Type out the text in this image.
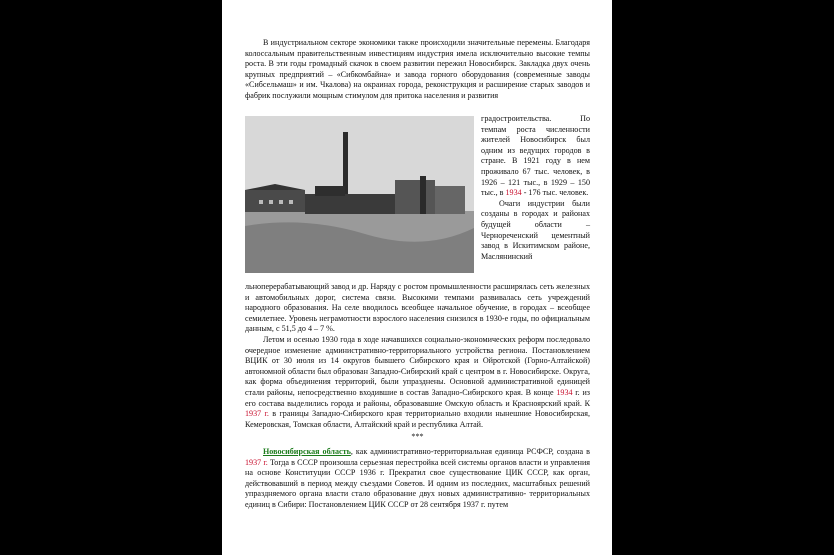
В индустриальном секторе экономики также происходили значительные перемены. Благодаря колоссальным правительственным инвестициям индустрия имела исключительно высокие темпы роста. В эти годы громадный скачок в своем развитии пережил Новосибирск. Закладка двух очень крупных предприятий – «Сибкомбайна» и завода горного оборудования (современные заводы «Сибсельмаш» и им. Чкалова) на окраинах города, реконструкция и расширение старых заводов и фабрик послужили мощным стимулом для притока населения и развития

градостроительства. По темпам роста численности жителей Новосибирск был одним из ведущих городов в стране. В 1921 году в нем проживало 67 тыс. человек, в 1926 – 121 тыс., в 1929 – 150 тыс., в 1934 - 176 тыс. человек.
Очаги индустрии были созданы в городах и районах будущей области – Чернореченский цементный завод в Искитимском районе, Маслянинский

льноперерабатывающий завод и др. Наряду с ростом промышленности расширялась сеть железных и автомобильных дорог, система связи. Высокими темпами развивалась сеть учреждений народного образования. На селе вводилось всеобщее начальное обучение, в городах – всеобщее семилетнее. Уровень неграмотности взрослого населения снизился в 1930-е годы, по официальным данным, с 51,5 до 4 – 7 %.

Летом и осенью 1930 года в ходе начавшихся социально-экономических реформ последовало очередное изменение административно-территориального устройства региона. Постановлением ВЦИК от 30 июля из 14 округов бывшего Сибирского края и Ойротской (Горно-Алтайской) автономной области был образован Западно-Сибирский край с центром в г. Новосибирске. Округа, как форма объединения территорий, были упразднены. Основной административной единицей стали районы, непосредственно входившие в состав Западно-Сибирского края. В конце 1934 г. из его состава выделились города и районы, образовавшие Омскую область и Красноярский край. К 1937 г. в границы Западно-Сибирского края территориально входили нынешние Новосибирская, Кемеровская, Томская области, Алтайский край и республика Алтай.

***

Новосибирская область, как административно-территориальная единица РСФСР, создана в 1937 г. Тогда в СССР произошла серьезная перестройка всей системы органов власти и управления на основе Конституции СССР 1936 г. Прекратил свое существование ЦИК СССР, как орган, действовавший в период между съездами Советов. И одним из последних, масштабных решений упраздняемого органа власти стало образование двух новых административно- территориальных единиц в Сибири: Постановлением ЦИК СССР от 28 сентября 1937 г. путем
